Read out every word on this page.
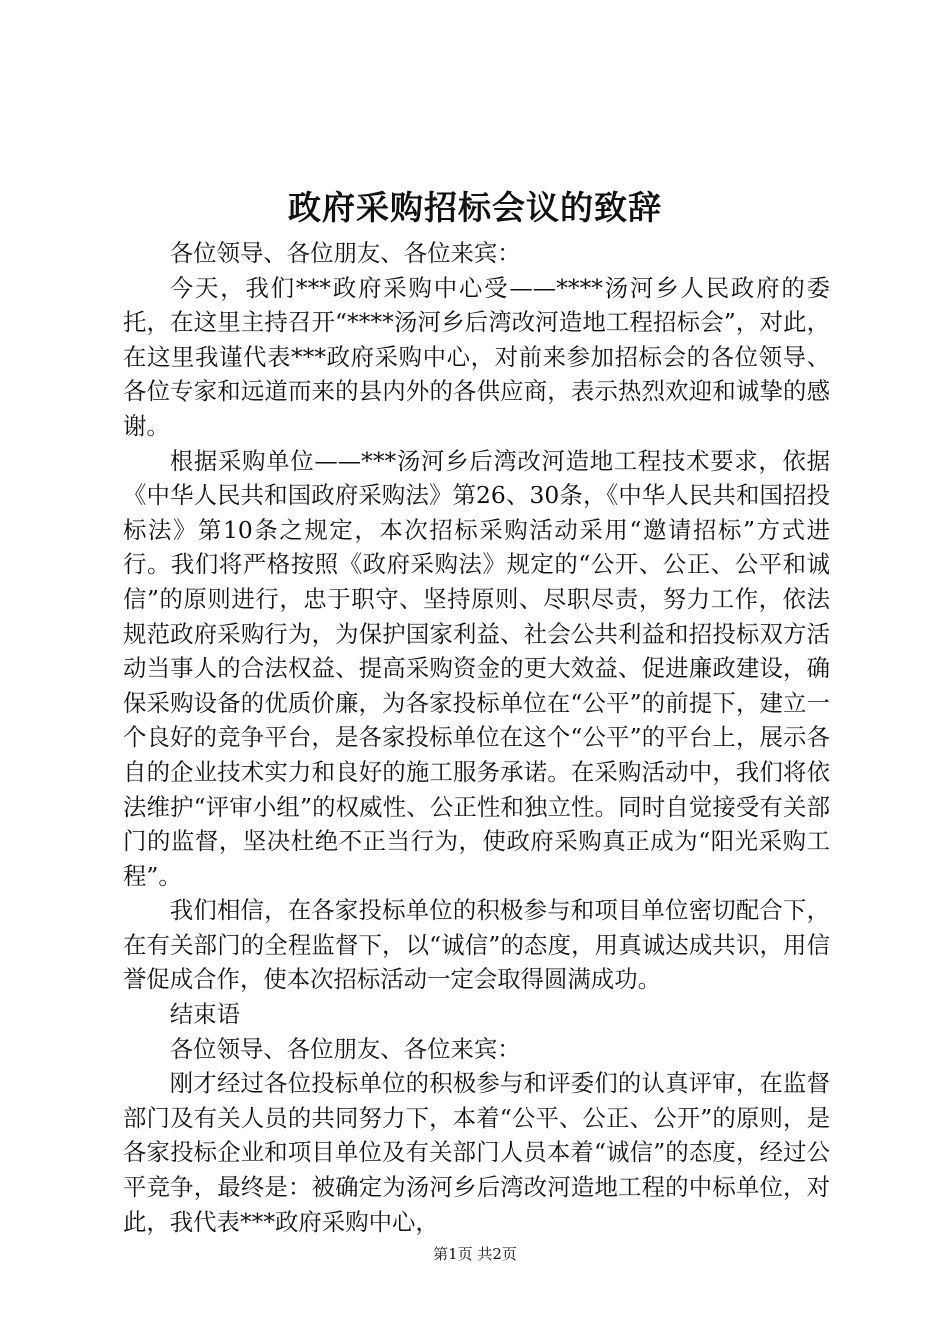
政府采购招标会议的致辞

各位领导、各位朋友、各位来宾：

今天，我们***政府采购中心受——****汤河乡人民政府的委托，在这里主持召开“****汤河乡后湾改河造地工程招标会”，对此，在这里我谨代表***政府采购中心，对前来参加招标会的各位领导、各位专家和远道而来的县内外的各供应商，表示热烈欢迎和诚挚的感谢。

根据采购单位——***汤河乡后湾改河造地工程技术要求，依据《中华人民共和国政府采购法》第26、30条，《中华人民共和国招投标法》第10条之规定，本次招标采购活动采用“邀请招标”方式进行。我们将严格按照《政府采购法》规定的“公开、公正、公平和诚信”的原则进行，忠于职守、坚持原则、尽职尽责，努力工作，依法规范政府采购行为，为保护国家利益、社会公共利益和招投标双方活动当事人的合法权益、提高采购资金的更大效益、促进廉政建设，确保采购设备的优质价廉，为各家投标单位在“公平”的前提下，建立一个良好的竞争平台，是各家投标单位在这个“公平”的平台上，展示各自的企业技术实力和良好的施工服务承诺。在采购活动中，我们将依法维护“评审小组”的权威性、公正性和独立性。同时自觉接受有关部门的监督，坚决杜绝不正当行为，使政府采购真正成为“阳光采购工程”。

我们相信，在各家投标单位的积极参与和项目单位密切配合下，在有关部门的全程监督下，以“诚信”的态度，用真诚达成共识，用信誉促成合作，使本次招标活动一定会取得圆满成功。

结束语

各位领导、各位朋友、各位来宾：

刚才经过各位投标单位的积极参与和评委们的认真评审，在监督部门及有关人员的共同努力下，本着“公平、公正、公开”的原则，是各家投标企业和项目单位及有关部门人员本着“诚信”的态度，经过公平竞争，最终是：被确定为汤河乡后湾改河造地工程的中标单位，对此，我代表***政府采购中心，

第1页 共2页
